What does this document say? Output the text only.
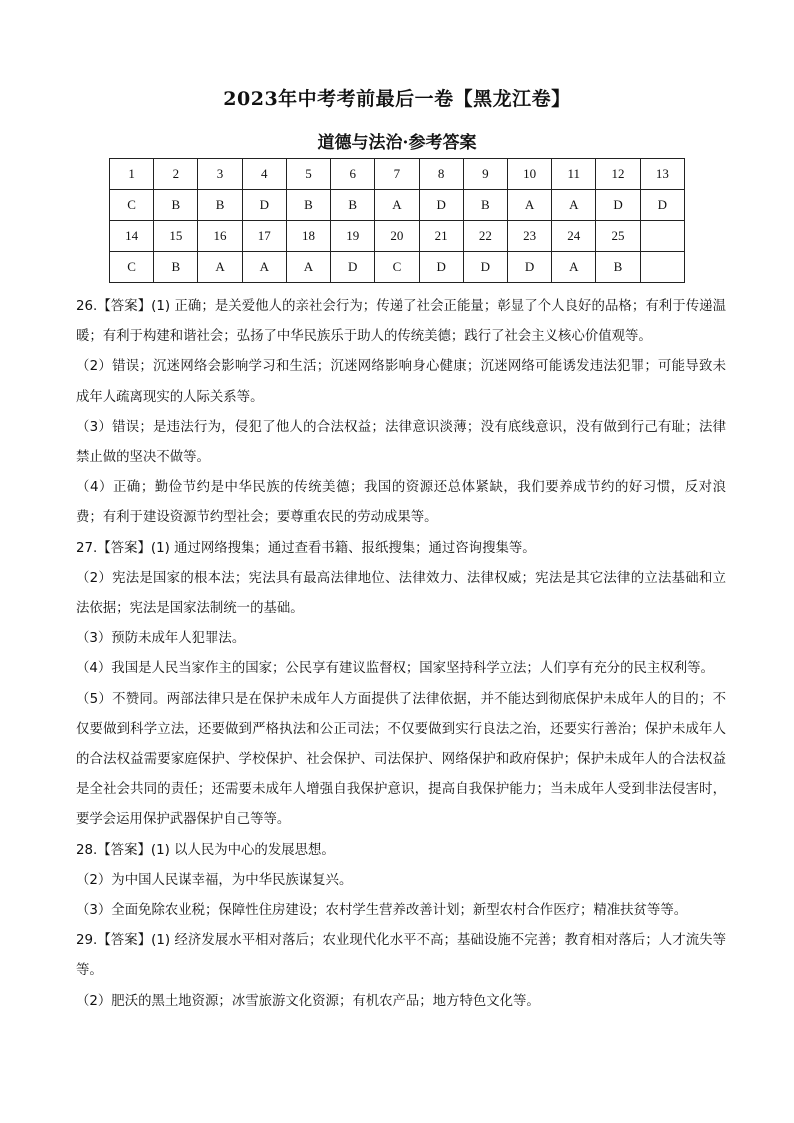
2023年中考考前最后一卷【黑龙江卷】
道德与法治·参考答案
1	2	3	4	5	6	7	8	9	10	11	12	13
C	B	B	D	B	B	A	D	B	A	A	D	D
14	15	16	17	18	19	20	21	22	23	24	25	
C	B	A	A	A	D	C	D	D	D	A	B	

26.【答案】(1) 正确；是关爱他人的亲社会行为；传递了社会正能量；彰显了个人良好的品格；有利于传递温暖；有利于构建和谐社会；弘扬了中华民族乐于助人的传统美德；践行了社会主义核心价值观等。

（2）错误；沉迷网络会影响学习和生活；沉迷网络影响身心健康；沉迷网络可能诱发违法犯罪；可能导致未成年人疏离现实的人际关系等。

（3）错误；是违法行为，侵犯了他人的合法权益；法律意识淡薄；没有底线意识，没有做到行己有耻；法律禁止做的坚决不做等。

（4）正确；勤俭节约是中华民族的传统美德；我国的资源还总体紧缺，我们要养成节约的好习惯，反对浪费；有利于建设资源节约型社会；要尊重农民的劳动成果等。

27.【答案】(1) 通过网络搜集；通过查看书籍、报纸搜集；通过咨询搜集等。

（2）宪法是国家的根本法；宪法具有最高法律地位、法律效力、法律权威；宪法是其它法律的立法基础和立法依据；宪法是国家法制统一的基础。

（3）预防未成年人犯罪法。

（4）我国是人民当家作主的国家；公民享有建议监督权；国家坚持科学立法；人们享有充分的民主权利等。

（5）不赞同。两部法律只是在保护未成年人方面提供了法律依据，并不能达到彻底保护未成年人的目的；不仅要做到科学立法，还要做到严格执法和公正司法；不仅要做到实行良法之治，还要实行善治；保护未成年人的合法权益需要家庭保护、学校保护、社会保护、司法保护、网络保护和政府保护；保护未成年人的合法权益是全社会共同的责任；还需要未成年人增强自我保护意识，提高自我保护能力；当未成年人受到非法侵害时，要学会运用保护武器保护自己等等。

28.【答案】(1) 以人民为中心的发展思想。

（2）为中国人民谋幸福，为中华民族谋复兴。

（3）全面免除农业税；保障性住房建设；农村学生营养改善计划；新型农村合作医疗；精准扶贫等等。

29.【答案】(1) 经济发展水平相对落后；农业现代化水平不高；基础设施不完善；教育相对落后；人才流失等等。

（2）肥沃的黑土地资源；冰雪旅游文化资源；有机农产品；地方特色文化等。
